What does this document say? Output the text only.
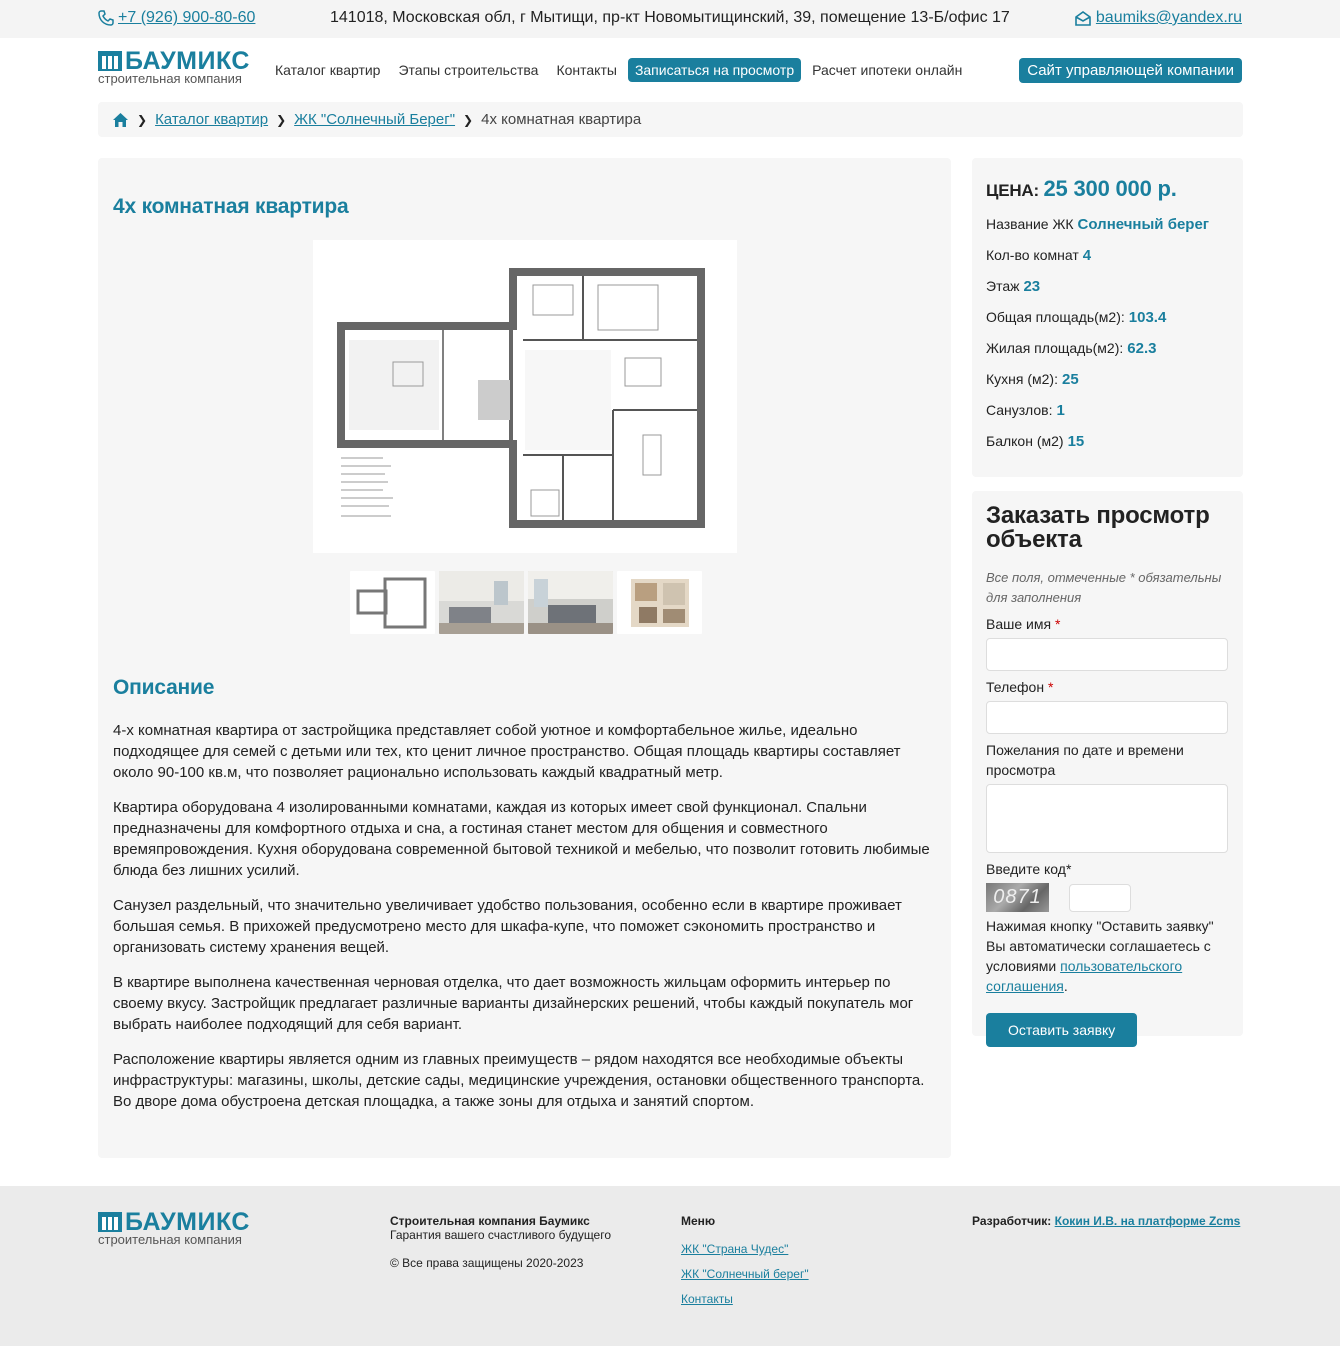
+7 (926) 900-80-60	141018, Московская обл, г Мытищи, пр-кт Новомытищинский, 39, помещение 13-Б/офис 17	baumiks@yandex.ru
БАУМИКС
строительная компания
Каталог квартир	Этапы строительства	Контакты	Записаться на просмотр	Расчет ипотеки онлайн	Сайт управляющей компании
❯ Каталог квартир ❯ ЖК "Солнечный Берег" ❯ 4х комнатная квартира
4х комнатная квартира
Описание

4-х комнатная квартира от застройщика представляет собой уютное и комфортабельное жилье, идеально подходящее для семей с детьми или тех, кто ценит личное пространство. Общая площадь квартиры составляет около 90-100 кв.м, что позволяет рационально использовать каждый квадратный метр.

Квартира оборудована 4 изолированными комнатами, каждая из которых имеет свой функционал. Спальни предназначены для комфортного отдыха и сна, а гостиная станет местом для общения и совместного времяпровождения. Кухня оборудована современной бытовой техникой и мебелью, что позволит готовить любимые блюда без лишних усилий.

Санузел раздельный, что значительно увеличивает удобство пользования, особенно если в квартире проживает большая семья. В прихожей предусмотрено место для шкафа-купе, что поможет сэкономить пространство и организовать систему хранения вещей.

В квартире выполнена качественная черновая отделка, что дает возможность жильцам оформить интерьер по своему вкусу. Застройщик предлагает различные варианты дизайнерских решений, чтобы каждый покупатель мог выбрать наиболее подходящий для себя вариант.

Расположение квартиры является одним из главных преимуществ – рядом находятся все необходимые объекты инфраструктуры: магазины, школы, детские сады, медицинские учреждения, остановки общественного транспорта. Во дворе дома обустроена детская площадка, а также зоны для отдыха и занятий спортом.

ЦЕНА: 25 300 000 р.
Название ЖК Солнечный берег
Кол-во комнат 4
Этаж 23
Общая площадь(м2): 103.4
Жилая площадь(м2): 62.3
Кухня (м2): 25
Санузлов: 1
Балкон (м2) 15
Заказать просмотр объекта
Все поля, отмеченные * обязательны для заполнения
Ваше имя *
Телефон *
Пожелания по дате и времени просмотра
Введите код*
0871
Нажимая кнопку "Оставить заявку" Вы автоматически соглашаетесь с условиями пользовательского соглашения.
Оставить заявку
БАУМИКС
строительная компания
Строительная компания Баумикс
Гарантия вашего счастливого будущего

© Все права защищены 2020-2023
Меню
ЖК "Страна Чудес"
ЖК "Солнечный берег"
Контакты
Разработчик: Кокин И.В. на платформе Zcms
